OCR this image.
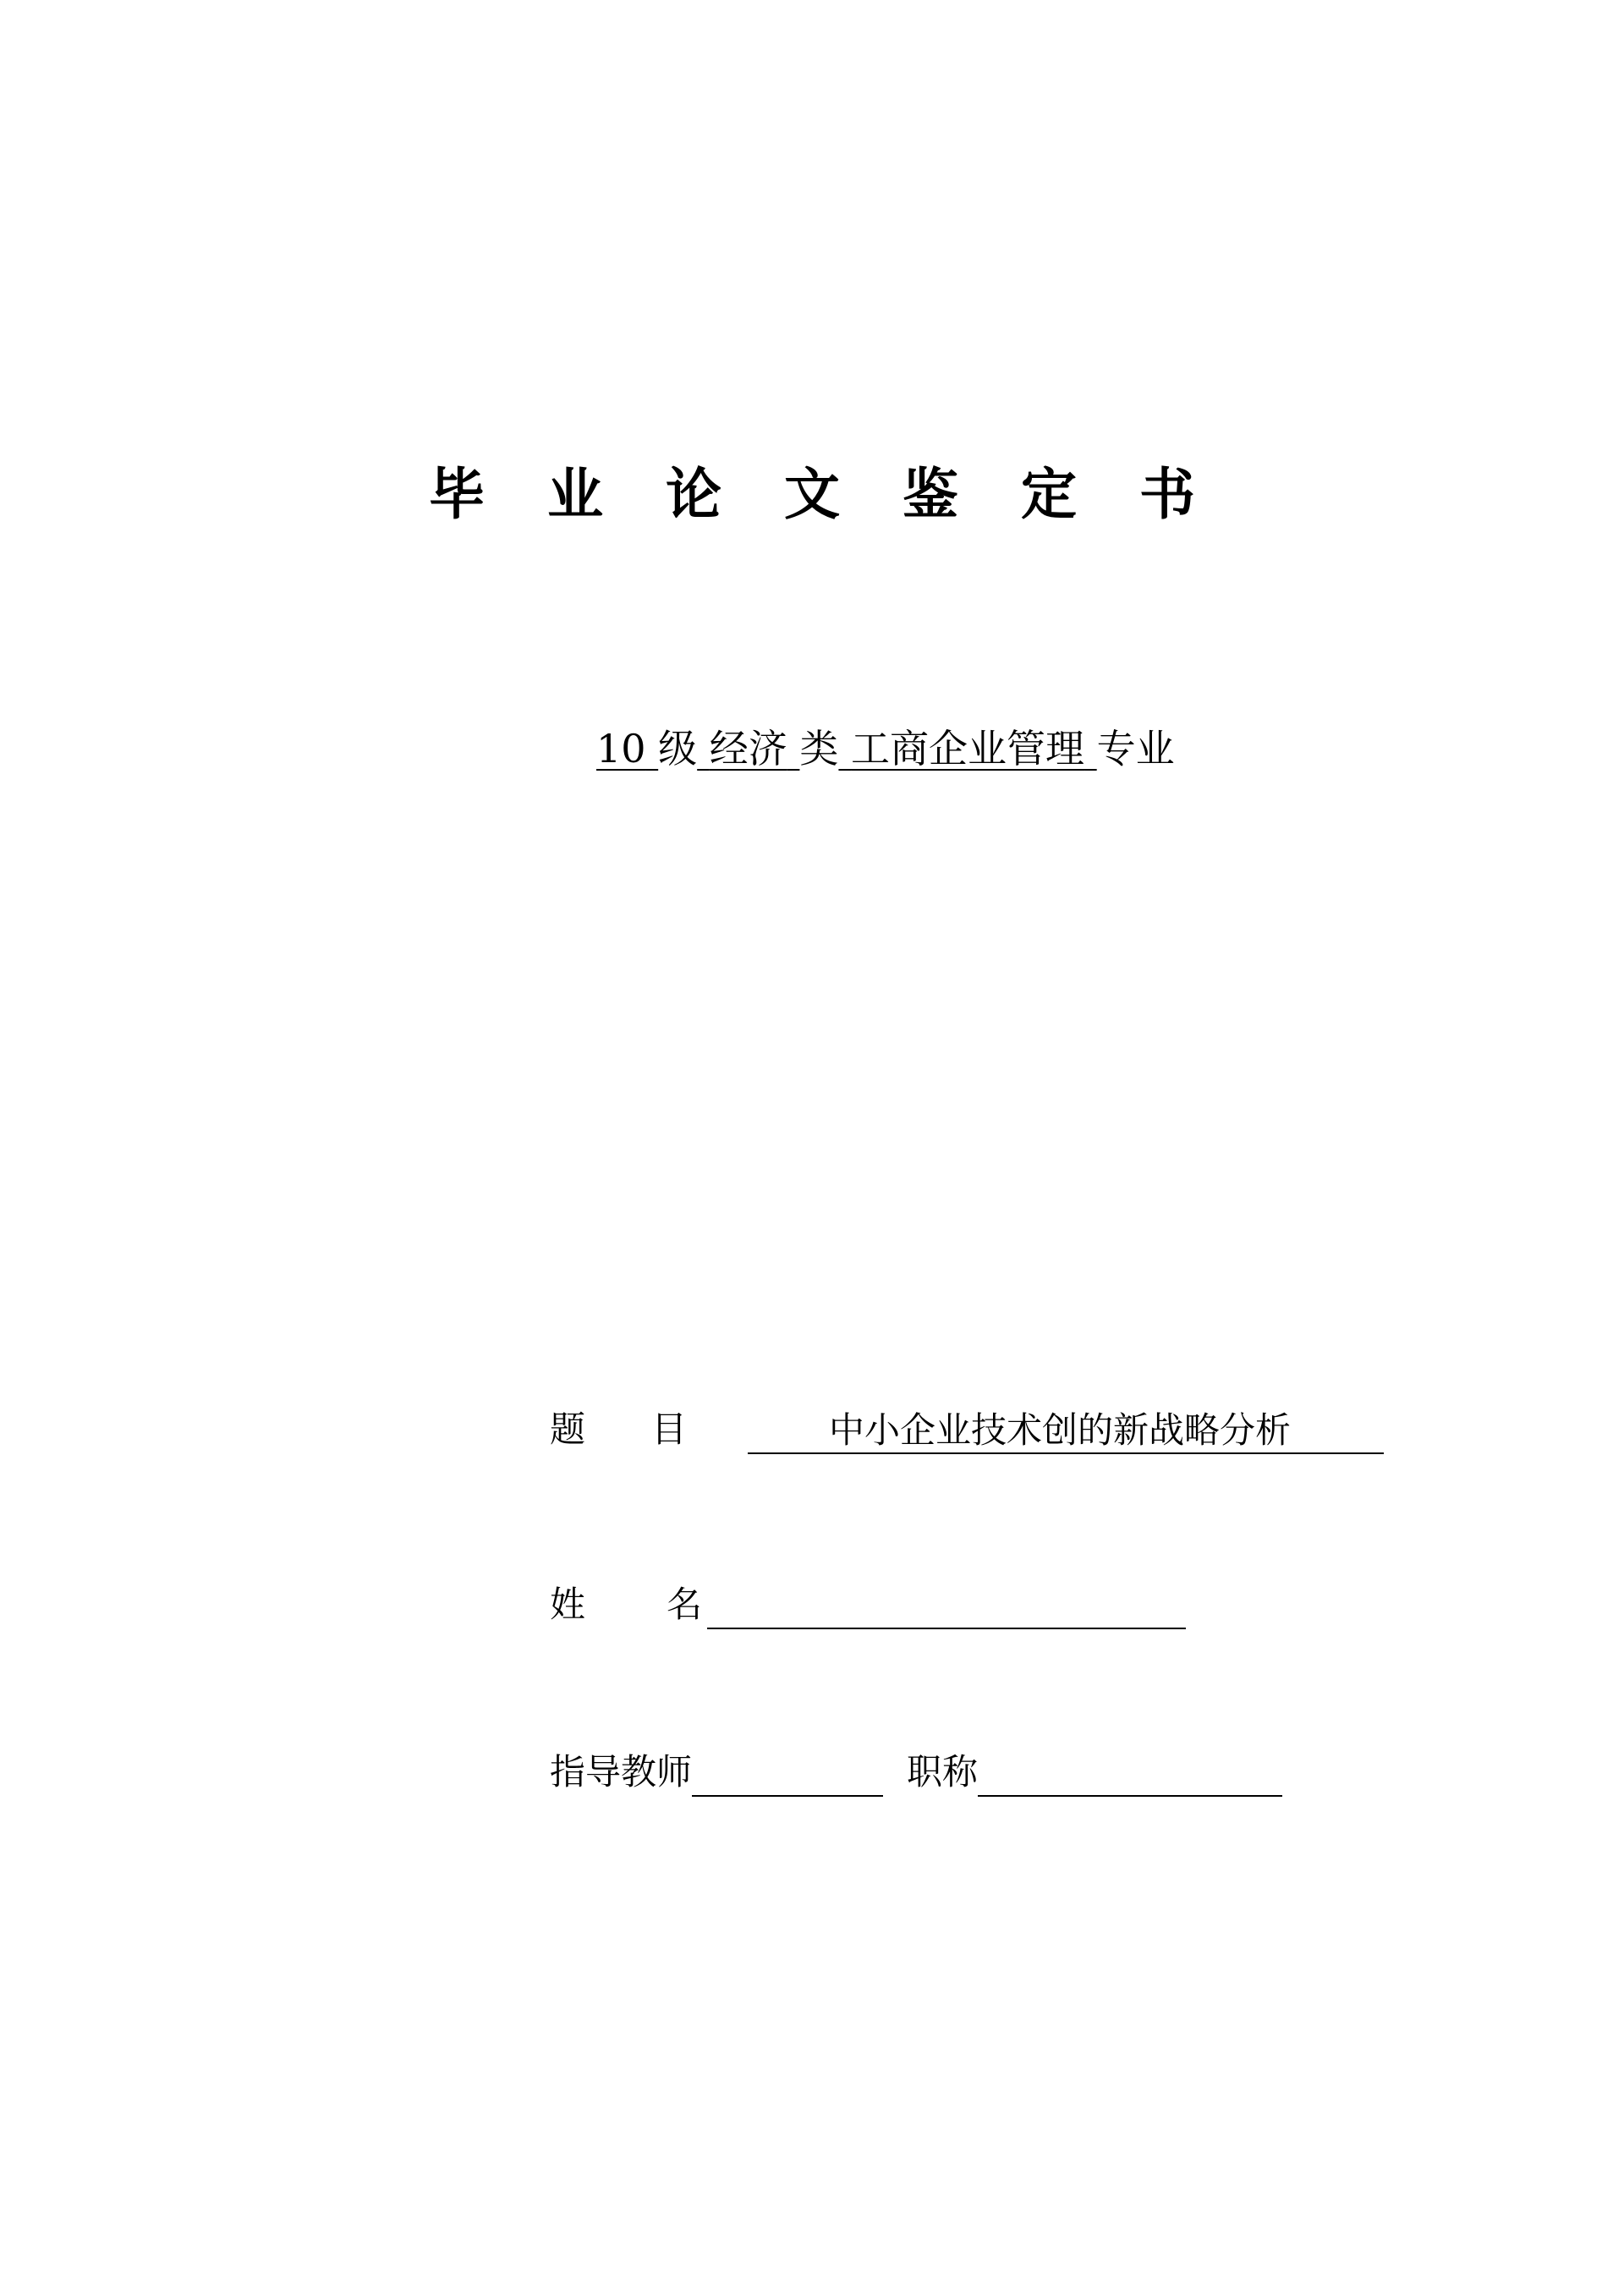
毕 业 论 文 鉴 定 书
10 级 经济 类 工商企业管理 专业
题 目	中小企业技术创的新战略分析
姓 名
指导教师	职称
